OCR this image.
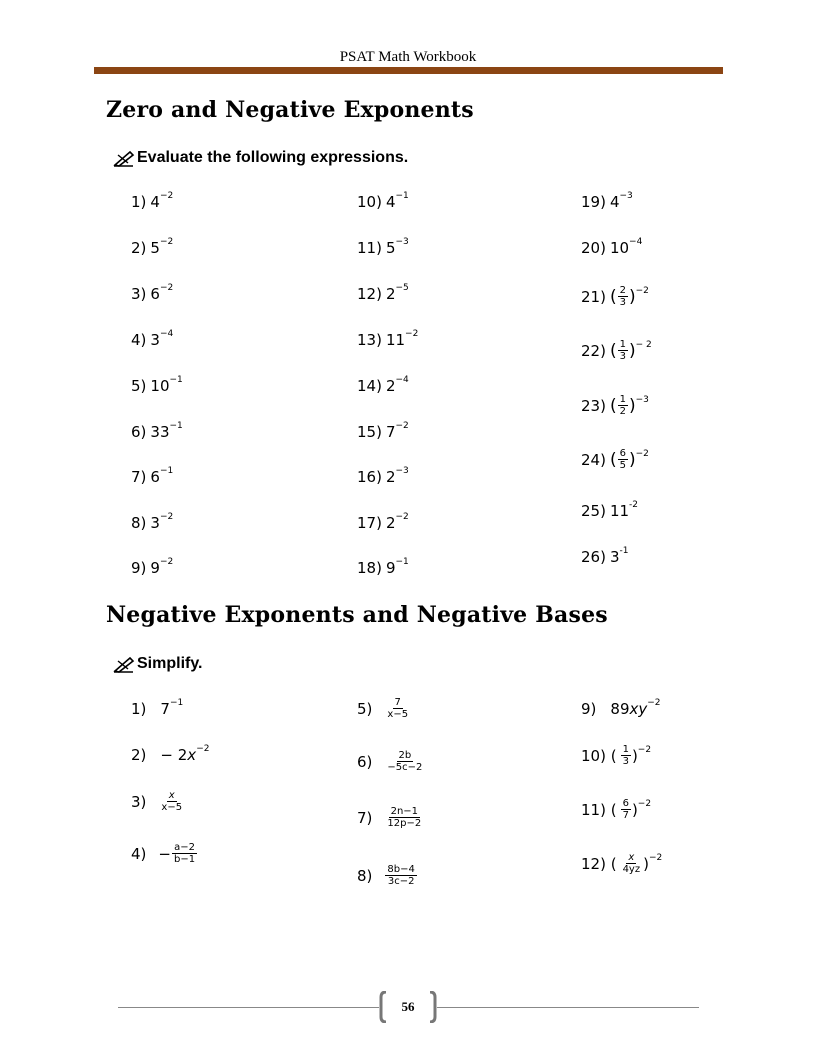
PSAT Math Workbook
Zero and Negative Exponents
Evaluate the following expressions.
1) $4^{-2}$
2) $5^{-2}$
3) $6^{-2}$
4) $3^{-4}$
5) $10^{-1}$
6) $33^{-1}$
7) $6^{-1}$
8) $3^{-2}$
9) $9^{-2}$
10) $4^{-1}$
11) $5^{-3}$
12) $2^{-5}$
13) $11^{-2}$
14) $2^{-4}$
15) $7^{-2}$
16) $2^{-3}$
17) $2^{-2}$
18) $9^{-1}$
19) $4^{-3}$
20) $10^{-4}$
21) ( $\frac{2}{3} )^{-2}$
22) ( $\frac{1}{3} )^{- 2}$
23) ( $\frac{1}{2} )^{-3}$
24) ( $\frac{6}{5} )^{-2}$
25) $11^{-2}$
26) $3^{-1}$
Negative Exponents and Negative Bases
Simplify.
1) $7^{-1}$
2) − 2 $x^{-2}$
$3) \frac{x}{x-5}$
$4) - \frac{a-2}{b-1}$
$5) \frac{7}{x-5}$
$6) \frac{2b}{-5c-2}$
$7) \frac{2n-1}{12p-2}$
$8) \frac{8b-4}{3c-2}$
9) 89 $xy^{-2}$
10) ( $\frac{1}{3} )^{-2}$
11) ( $\frac{6}{7} )^{-2}$
12) ( $\frac{x}{4yz} )^{-2}$
56
